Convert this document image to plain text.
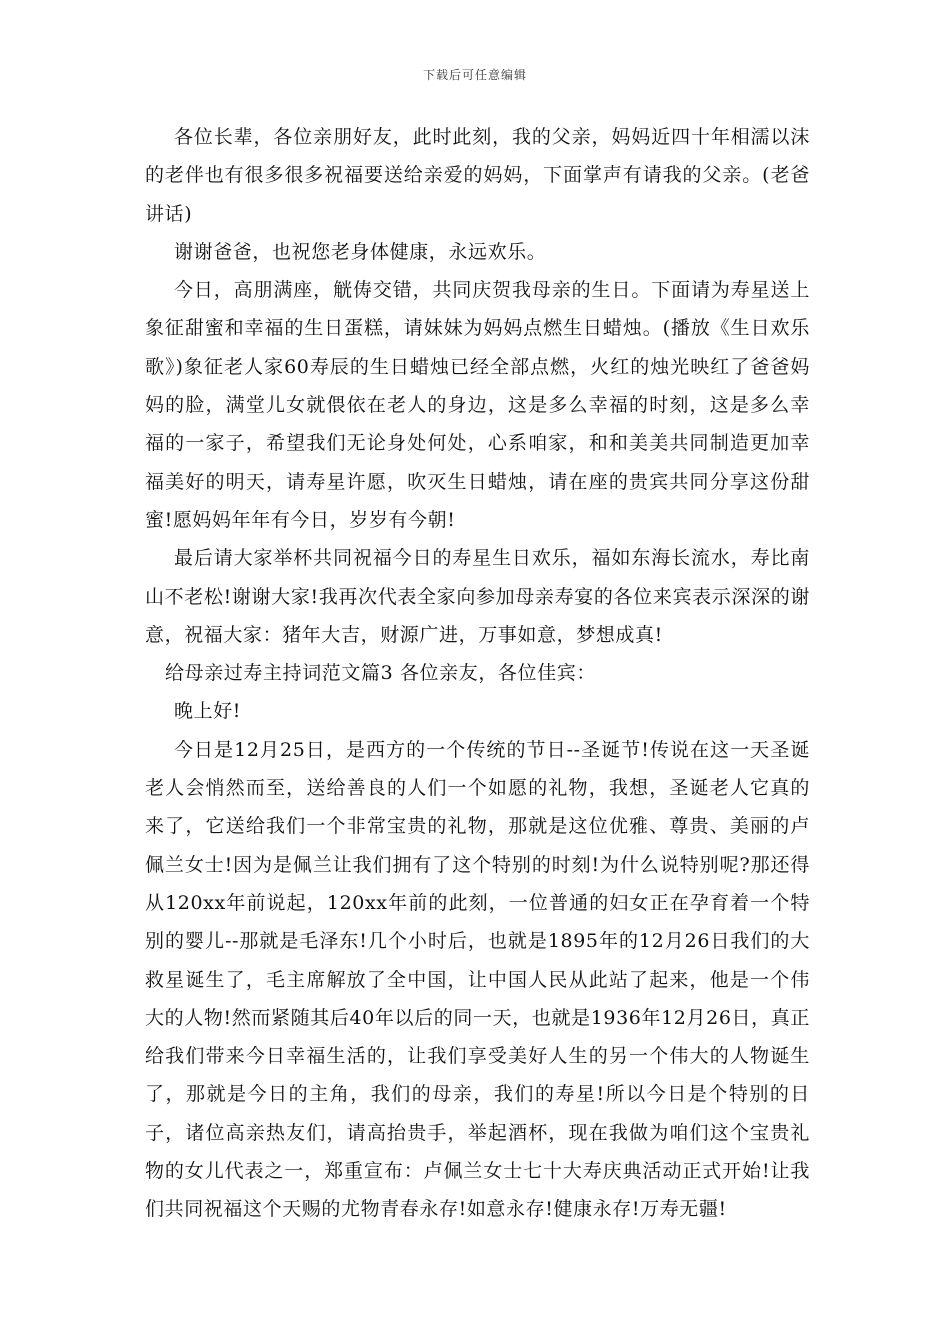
下载后可任意编辑

各位长辈，各位亲朋好友，此时此刻，我的父亲，妈妈近四十年相濡以沫的老伴也有很多很多祝福要送给亲爱的妈妈，下面掌声有请我的父亲。(老爸讲话)

谢谢爸爸，也祝您老身体健康，永远欢乐。

今日，高朋满座，觥俦交错，共同庆贺我母亲的生日。下面请为寿星送上象征甜蜜和幸福的生日蛋糕，请妹妹为妈妈点燃生日蜡烛。(播放《生日欢乐歌》)象征老人家60寿辰的生日蜡烛已经全部点燃，火红的烛光映红了爸爸妈妈的脸，满堂儿女就偎依在老人的身边，这是多么幸福的时刻，这是多么幸福的一家子，希望我们无论身处何处，心系咱家，和和美美共同制造更加幸福美好的明天，请寿星许愿，吹灭生日蜡烛，请在座的贵宾共同分享这份甜蜜!愿妈妈年年有今日，岁岁有今朝!

最后请大家举杯共同祝福今日的寿星生日欢乐，福如东海长流水，寿比南山不老松!谢谢大家!我再次代表全家向参加母亲寿宴的各位来宾表示深深的谢意，祝福大家：猪年大吉，财源广进，万事如意，梦想成真!

给母亲过寿主持词范文篇3 各位亲友，各位佳宾：

晚上好!

今日是12月25日，是西方的一个传统的节日--圣诞节!传说在这一天圣诞老人会悄然而至，送给善良的人们一个如愿的礼物，我想，圣诞老人它真的来了，它送给我们一个非常宝贵的礼物，那就是这位优雅、尊贵、美丽的卢佩兰女士!因为是佩兰让我们拥有了这个特别的时刻!为什么说特别呢?那还得从120xx年前说起，120xx年前的此刻，一位普通的妇女正在孕育着一个特别的婴儿--那就是毛泽东!几个小时后，也就是1895年的12月26日我们的大救星诞生了，毛主席解放了全中国，让中国人民从此站了起来，他是一个伟大的人物!然而紧随其后40年以后的同一天，也就是1936年12月26日，真正给我们带来今日幸福生活的，让我们享受美好人生的另一个伟大的人物诞生了，那就是今日的主角，我们的母亲，我们的寿星!所以今日是个特别的日子，诸位高亲热友们，请高抬贵手，举起酒杯，现在我做为咱们这个宝贵礼物的女儿代表之一，郑重宣布：卢佩兰女士七十大寿庆典活动正式开始!让我们共同祝福这个天赐的尤物青春永存!如意永存!健康永存!万寿无疆!
